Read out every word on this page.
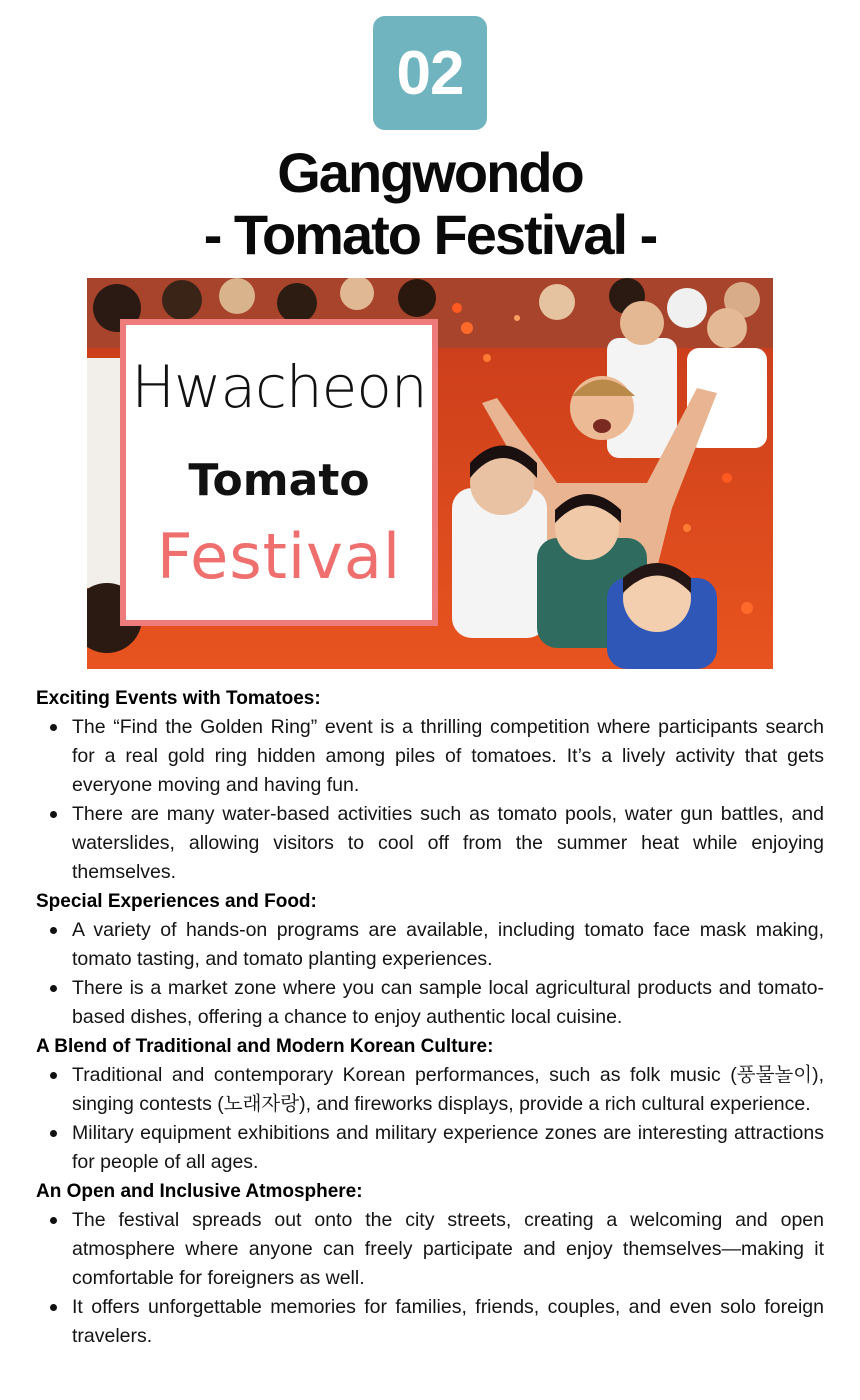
02
Gangwondo
- Tomato Festival -
Hwacheon
Tomato
Festival
Exciting Events with Tomatoes:
The “Find the Golden Ring” event is a thrilling competition where participants search for a real gold ring hidden among piles of tomatoes. It’s a lively activity that gets everyone moving and having fun.
There are many water-based activities such as tomato pools, water gun battles, and waterslides, allowing visitors to cool off from the summer heat while enjoying themselves.
Special Experiences and Food:
A variety of hands-on programs are available, including tomato face mask making, tomato tasting, and tomato planting experiences.
There is a market zone where you can sample local agricultural products and tomato-based dishes, offering a chance to enjoy authentic local cuisine.
A Blend of Traditional and Modern Korean Culture:
Traditional and contemporary Korean performances, such as folk music (풍물놀이), singing contests (노래자랑), and fireworks displays, provide a rich cultural experience.
Military equipment exhibitions and military experience zones are interesting attractions for people of all ages.
An Open and Inclusive Atmosphere:
The festival spreads out onto the city streets, creating a welcoming and open atmosphere where anyone can freely participate and enjoy themselves—making it comfortable for foreigners as well.
It offers unforgettable memories for families, friends, couples, and even solo foreign travelers.
